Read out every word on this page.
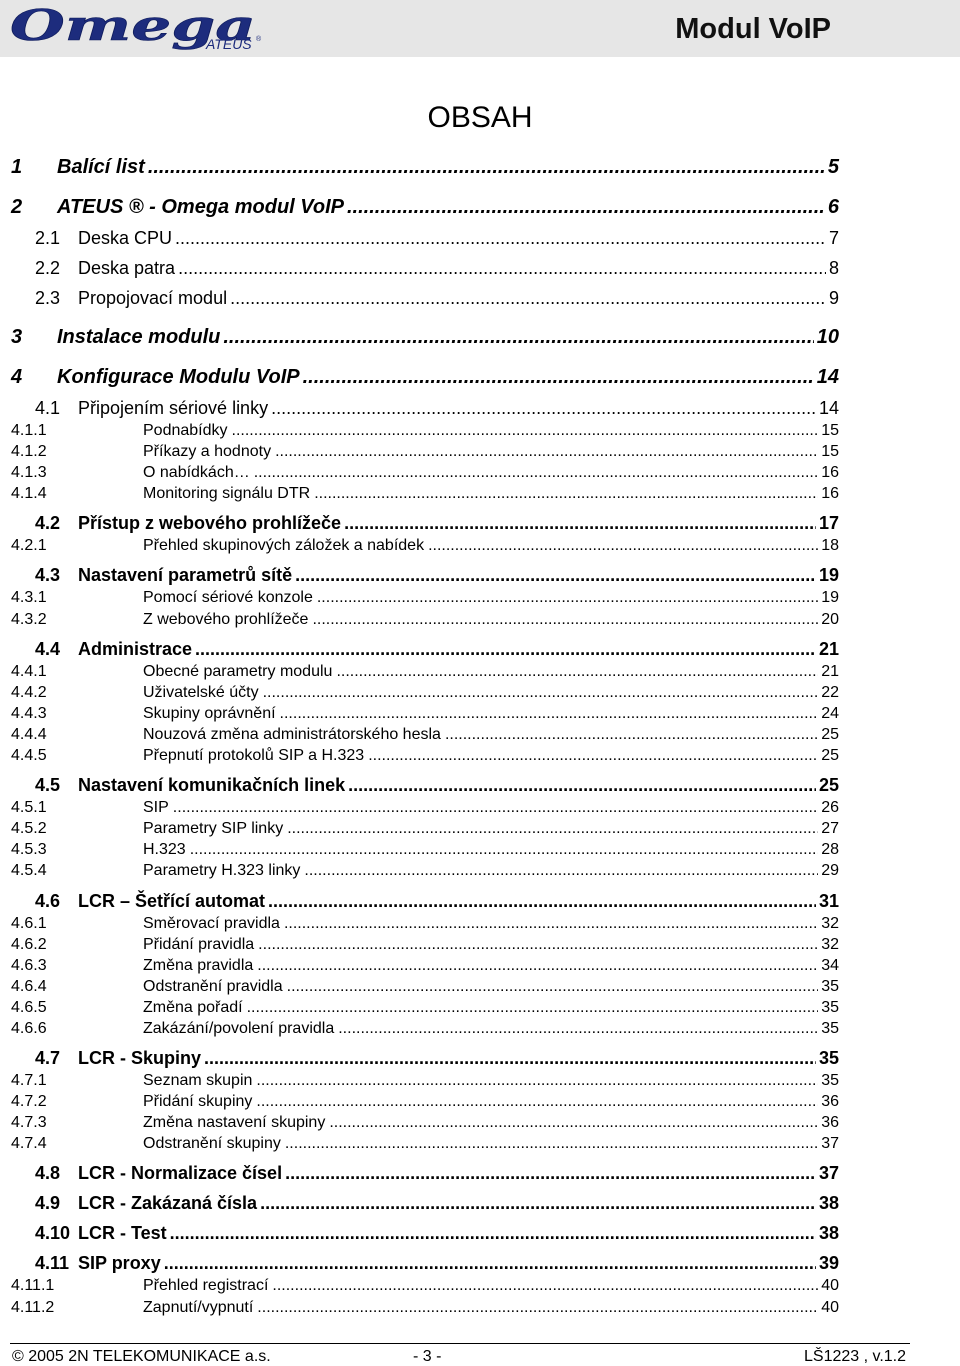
Omega
ATEUS ®	Modul VoIP
OBSAH
1	Balící list .....	5
2	ATEUS ® - Omega modul VoIP .....	6
2.1 Deska CPU .....	7
2.2 Deska patra .....	8
2.3 Propojovací modul .....	9
3	Instalace modulu .....	10
4	Konfigurace Modulu VoIP .....	14
4.1 Připojením sériové linky .....	14
4.1.1	Podnabídky .....	15
4.1.2	Příkazy a hodnoty .....	15
4.1.3	O nabídkách… .....	16
4.1.4	Monitoring signálu DTR .....	16
4.2 Přístup z webového prohlížeče .....	17
4.2.1	Přehled skupinových záložek a nabídek .....	18
4.3 Nastavení parametrů sítě .....	19
4.3.1	Pomocí sériové konzole .....	19
4.3.2	Z webového prohlížeče .....	20
4.4 Administrace .....	21
4.4.1	Obecné parametry modulu .....	21
4.4.2	Uživatelské účty .....	22
4.4.3	Skupiny oprávnění .....	24
4.4.4	Nouzová změna administrátorského hesla .....	25
4.4.5	Přepnutí protokolů SIP a H.323 .....	25
4.5 Nastavení komunikačních linek .....	25
4.5.1	SIP .....	26
4.5.2	Parametry SIP linky .....	27
4.5.3	H.323 .....	28
4.5.4	Parametry H.323 linky .....	29
4.6 LCR – Šetřící automat .....	31
4.6.1	Směrovací pravidla .....	32
4.6.2	Přidání pravidla .....	32
4.6.3	Změna pravidla .....	34
4.6.4	Odstranění pravidla .....	35
4.6.5	Změna pořadí .....	35
4.6.6	Zakázání/povolení pravidla .....	35
4.7 LCR - Skupiny .....	35
4.7.1	Seznam skupin .....	35
4.7.2	Přidání skupiny .....	36
4.7.3	Změna nastavení skupiny .....	36
4.7.4	Odstranění skupiny .....	37
4.8 LCR - Normalizace čísel .....	37
4.9 LCR - Zakázaná čísla .....	38
4.10 LCR - Test .....	38
4.11 SIP proxy .....	39
4.11.1	Přehled registrací .....	40
4.11.2	Zapnutí/vypnutí .....	40
© 2005 2N TELEKOMUNIKACE a.s.	- 3 -	LŠ1223 , v.1.2
